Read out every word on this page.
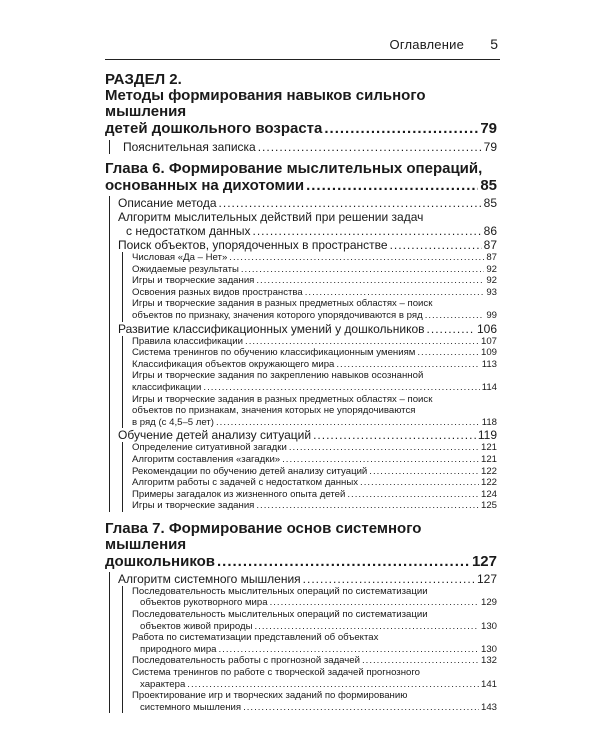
Оглавление 5
РАЗДЕЛ 2.
Методы формирования навыков сильного мышления
детей дошкольного возраста .....	79
Пояснительная записка .....	79
Глава 6. Формирование мыслительных операций,
основанных на дихотомии .....	85
Описание метода .....	85
Алгоритм мыслительных действий при решении задач
с недостатком данных .....	86
Поиск объектов, упорядоченных в пространстве .....	87
Числовая «Да – Нет» .....	87
Ожидаемые результаты .....	92
Игры и творческие задания .....	92
Освоения разных видов пространства .....	93
Игры и творческие задания в разных предметных областях – поиск
объектов по признаку, значения которого упорядочиваются в ряд .....	99
Развитие классификационных умений у дошкольников .....	106
Правила классификации .....	107
Система тренингов по обучению классификационным умениям .....	109
Классификация объектов окружающего мира .....	113
Игры и творческие задания по закреплению навыков осознанной
классификации .....	114
Игры и творческие задания в разных предметных областях – поиск
объектов по признакам, значения которых не упорядочиваются
в ряд (с 4,5–5 лет) .....	118
Обучение детей анализу ситуаций .....	119
Определение ситуативной загадки .....	121
Алгоритм составления «загадки» .....	121
Рекомендации по обучению детей анализу ситуаций .....	122
Алгоритм работы с задачей с недостатком данных .....	122
Примеры загадалок из жизненного опыта детей .....	124
Игры и творческие задания .....	125
Глава 7. Формирование основ системного мышления
дошкольников .....	127
Алгоритм системного мышления .....	127
Последовательность мыслительных операций по систематизации
объектов рукотворного мира .....	129
Последовательность мыслительных операций по систематизации
объектов живой природы .....	130
Работа по систематизации представлений об объектах
природного мира .....	130
Последовательность работы с прогнозной задачей .....	132
Система тренингов по работе с творческой задачей прогнозного
характера .....	141
Проектирование игр и творческих заданий по формированию
системного мышления .....	143
